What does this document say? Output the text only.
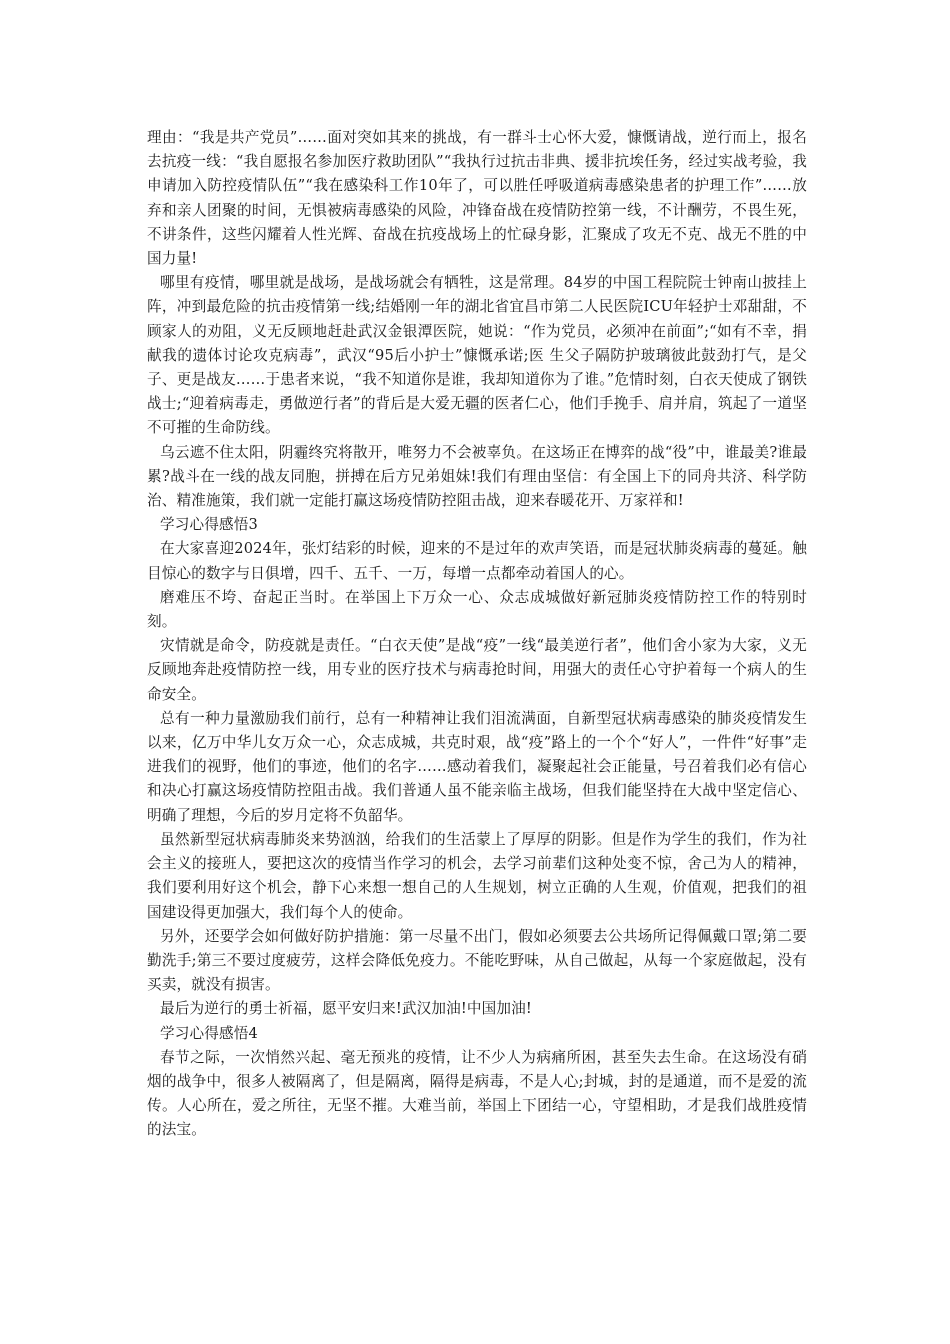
理由：“我是共产党员”……面对突如其来的挑战，有一群斗士心怀大爱，慷慨请战，逆行而上，报名去抗疫一线：“我自愿报名参加医疗救助团队”“我执行过抗击非典、援非抗埃任务，经过实战考验，我申请加入防控疫情队伍”“我在感染科工作10年了，可以胜任呼吸道病毒感染患者的护理工作”……放弃和亲人团聚的时间，无惧被病毒感染的风险，冲锋奋战在疫情防控第一线，不计酬劳，不畏生死，不讲条件，这些闪耀着人性光辉、奋战在抗疫战场上的忙碌身影，汇聚成了攻无不克、战无不胜的中国力量!

哪里有疫情，哪里就是战场，是战场就会有牺牲，这是常理。84岁的中国工程院院士钟南山披挂上阵，冲到最危险的抗击疫情第一线;结婚刚一年的湖北省宜昌市第二人民医院ICU年轻护士邓甜甜，不顾家人的劝阻，义无反顾地赶赴武汉金银潭医院，她说：“作为党员，必须冲在前面”;“如有不幸，捐献我的遗体讨论攻克病毒”，武汉“95后小护士”慷慨承诺;医 生父子隔防护玻璃彼此鼓劲打气，是父子、更是战友……于患者来说，“我不知道你是谁，我却知道你为了谁。”危情时刻，白衣天使成了钢铁战士;“迎着病毒走，勇做逆行者”的背后是大爱无疆的医者仁心，他们手挽手、肩并肩，筑起了一道坚不可摧的生命防线。

乌云遮不住太阳，阴霾终究将散开，唯努力不会被辜负。在这场正在博弈的战“役”中，谁最美?谁最累?战斗在一线的战友同胞，拼搏在后方兄弟姐妹!我们有理由坚信：有全国上下的同舟共济、科学防治、精准施策，我们就一定能打赢这场疫情防控阻击战，迎来春暖花开、万家祥和!

学习心得感悟3

在大家喜迎2024年，张灯结彩的时候，迎来的不是过年的欢声笑语，而是冠状肺炎病毒的蔓延。触目惊心的数字与日俱增，四千、五千、一万，每增一点都牵动着国人的心。

磨难压不垮、奋起正当时。在举国上下万众一心、众志成城做好新冠肺炎疫情防控工作的特别时刻。

灾情就是命令，防疫就是责任。“白衣天使”是战“疫”一线“最美逆行者”，他们舍小家为大家，义无反顾地奔赴疫情防控一线，用专业的医疗技术与病毒抢时间，用强大的责任心守护着每一个病人的生命安全。

总有一种力量激励我们前行，总有一种精神让我们泪流满面，自新型冠状病毒感染的肺炎疫情发生以来，亿万中华儿女万众一心，众志成城，共克时艰，战“疫”路上的一个个“好人”，一件件“好事”走进我们的视野，他们的事迹，他们的名字……感动着我们，凝聚起社会正能量，号召着我们必有信心和决心打赢这场疫情防控阻击战。我们普通人虽不能亲临主战场，但我们能坚持在大战中坚定信心、明确了理想，今后的岁月定将不负韶华。

虽然新型冠状病毒肺炎来势汹汹，给我们的生活蒙上了厚厚的阴影。但是作为学生的我们，作为社会主义的接班人，要把这次的疫情当作学习的机会，去学习前辈们这种处变不惊，舍己为人的精神，我们要利用好这个机会，静下心来想一想自己的人生规划，树立正确的人生观，价值观，把我们的祖国建设得更加强大，我们每个人的使命。

另外，还要学会如何做好防护措施：第一尽量不出门，假如必须要去公共场所记得佩戴口罩;第二要勤洗手;第三不要过度疲劳，这样会降低免疫力。不能吃野味，从自己做起，从每一个家庭做起，没有买卖，就没有损害。

最后为逆行的勇士祈福，愿平安归来!武汉加油!中国加油!

学习心得感悟4

春节之际，一次悄然兴起、毫无预兆的疫情，让不少人为病痛所困，甚至失去生命。在这场没有硝烟的战争中，很多人被隔离了，但是隔离，隔得是病毒，不是人心;封城，封的是通道，而不是爱的流传。人心所在，爱之所往，无坚不摧。大难当前，举国上下团结一心，守望相助，才是我们战胜疫情的法宝。
